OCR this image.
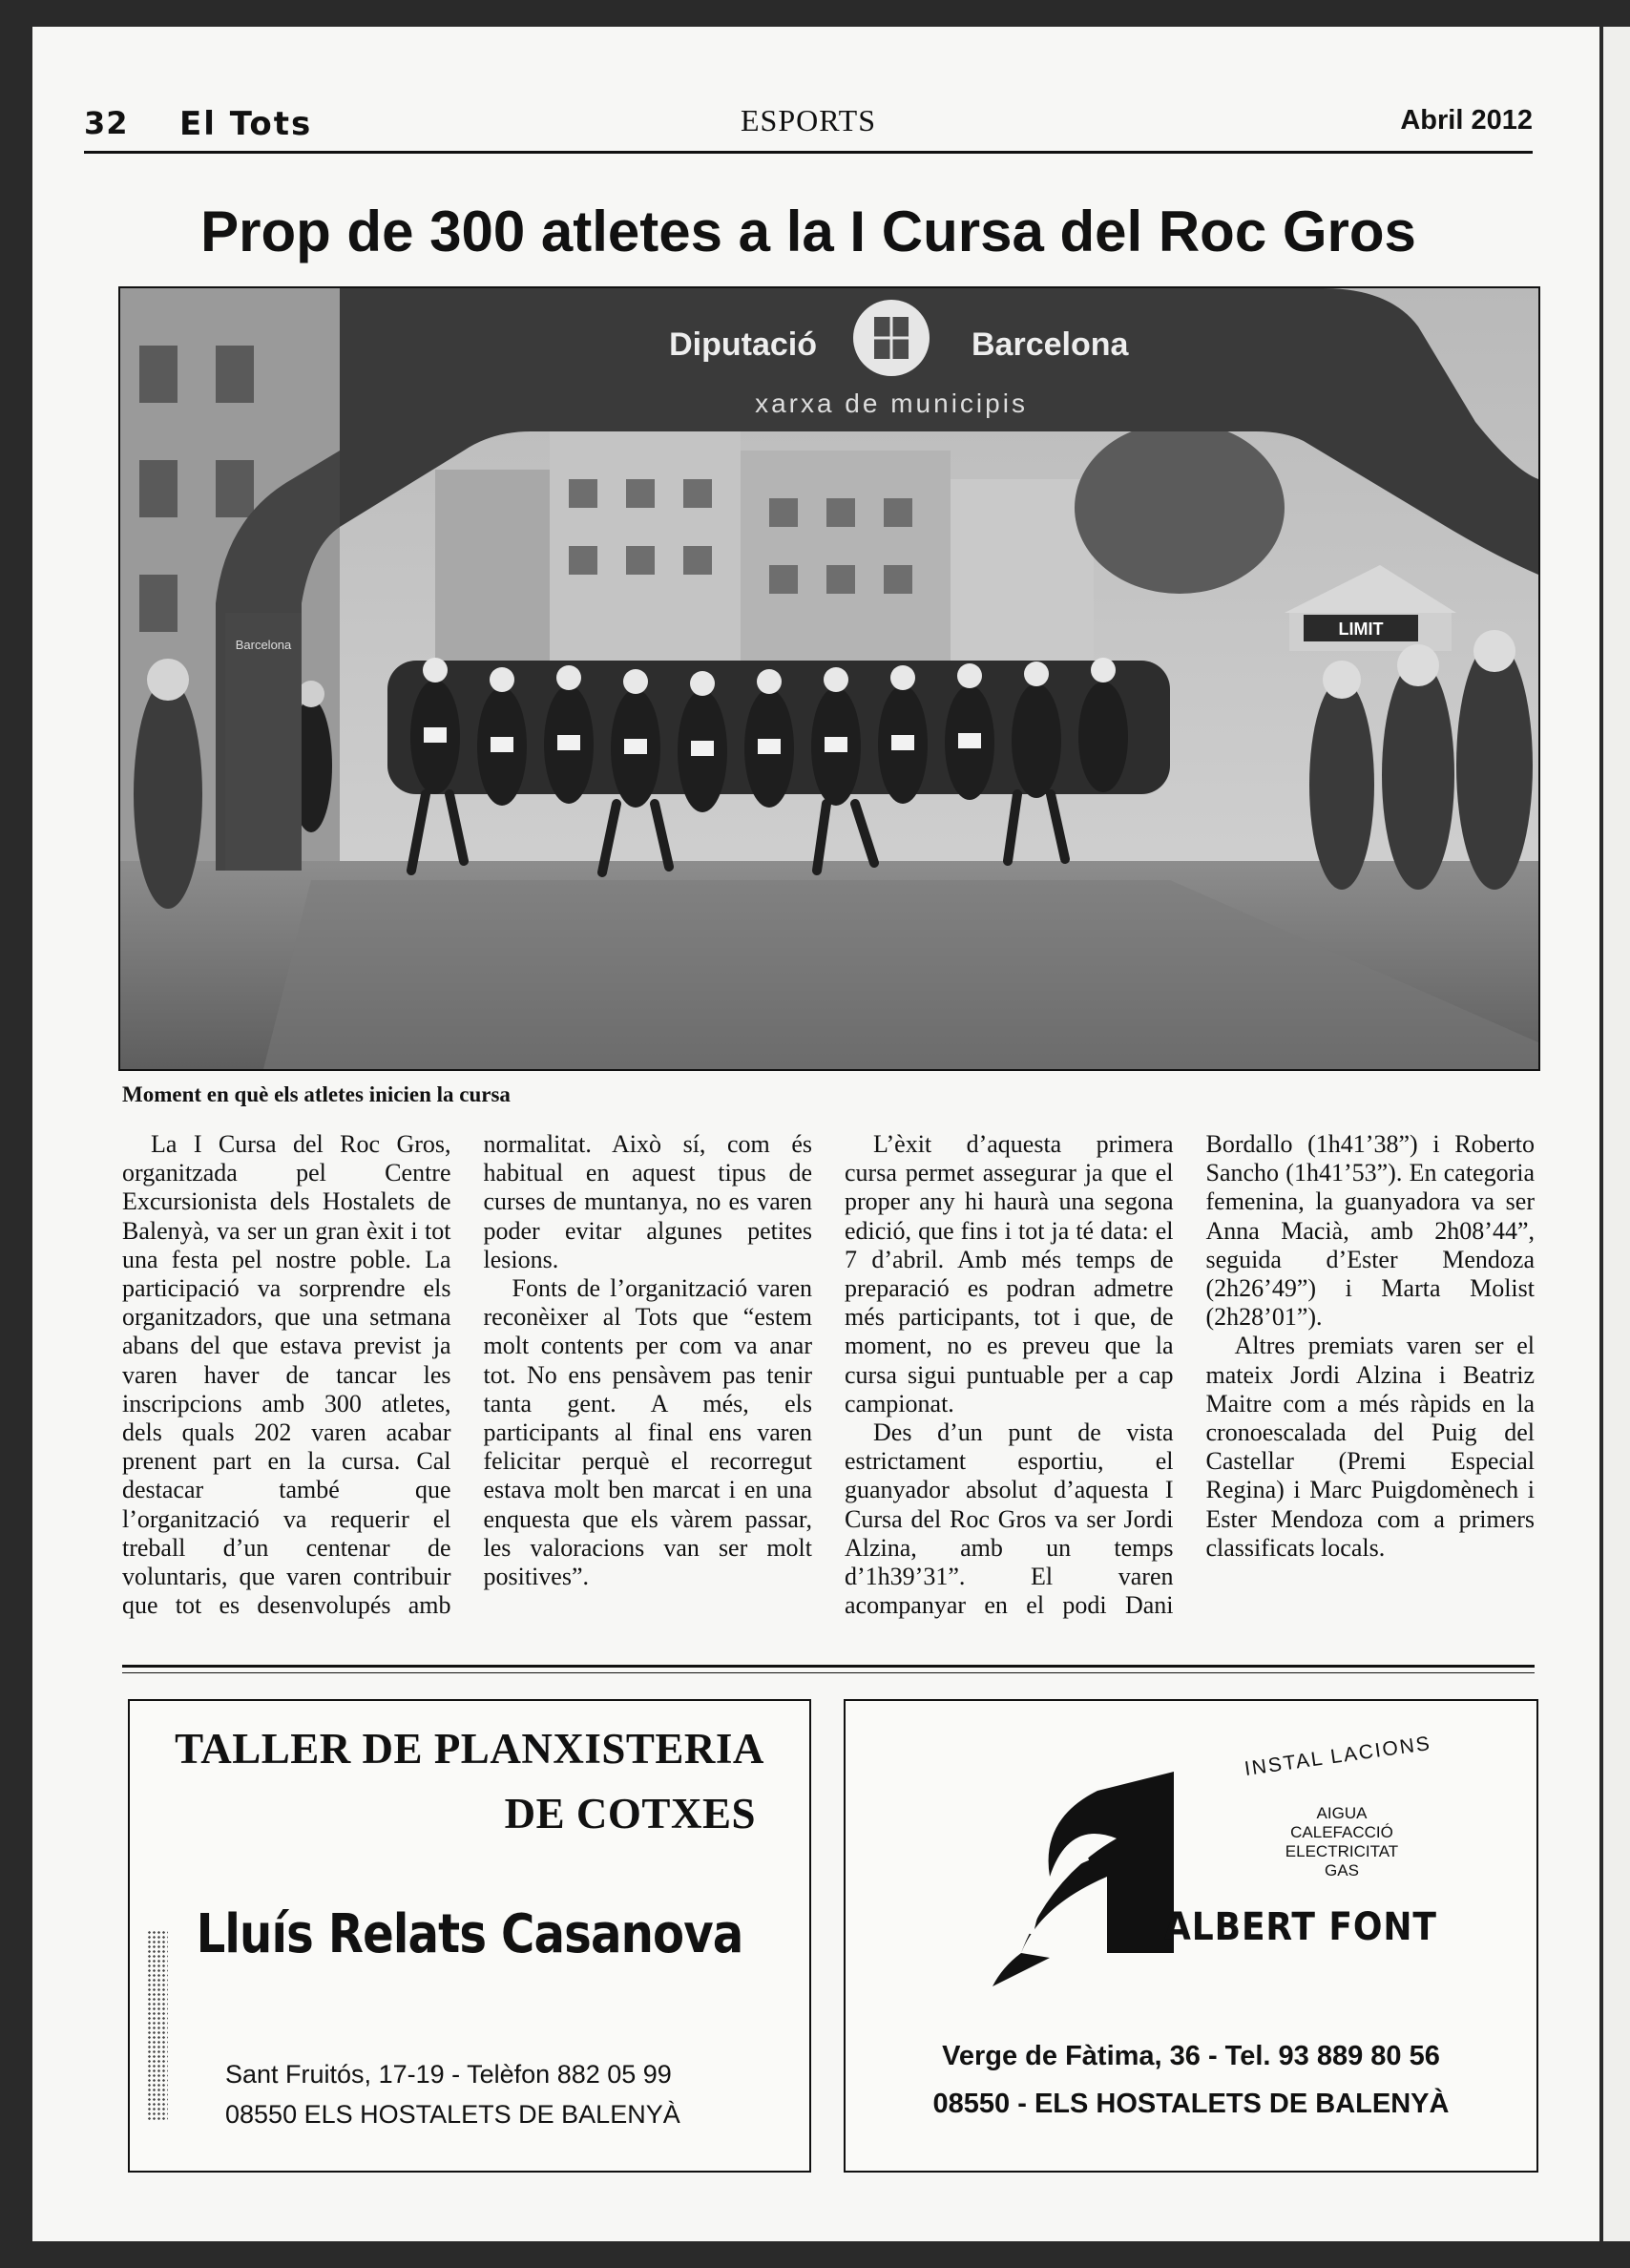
32 El Tots	ESPORTS	Abril 2012
Prop de 300 atletes a la I Cursa del Roc Gros
LIMIT
Barcelona
Diputació	Barcelona
xarxa de municipis
Moment en què els atletes inicien la cursa

La I Cursa del Roc Gros, organitzada pel Centre Excursionista dels Hostalets de Balenyà, va ser un gran èxit i tot una festa pel nostre poble. La participació va sorprendre els organitzadors, que una setmana abans del que estava previst ja varen haver de tancar les inscripcions amb 300 atletes, dels quals 202 varen acabar prenent part en la cursa. Cal destacar també que l’organització va requerir el treball d’un centenar de voluntaris, que varen contribuir que tot es desenvolupés amb normalitat. Això sí, com és habitual en aquest tipus de curses de muntanya, no es varen poder evitar algunes petites lesions.

Fonts de l’organització varen reconèixer al Tots que “estem molt contents per com va anar tot. No ens pensàvem pas tenir tanta gent. A més, els participants al final ens varen felicitar perquè el recorregut estava molt ben marcat i en una enquesta que els vàrem passar, les valoracions van ser molt positives”.

L’èxit d’aquesta primera cursa permet assegurar ja que el proper any hi haurà una segona edició, que fins i tot ja té data: el 7 d’abril. Amb més temps de preparació es podran admetre més participants, tot i que, de moment, no es preveu que la cursa sigui puntuable per a cap campionat.

Des d’un punt de vista estrictament esportiu, el guanyador absolut d’aquesta I Cursa del Roc Gros va ser Jordi Alzina, amb un temps d’1h39’31”. El varen acompanyar en el podi Dani Bordallo (1h41’38”) i Roberto Sancho (1h41’53”). En categoria femenina, la guanyadora va ser Anna Macià, amb 2h08’44”, seguida d’Ester Mendoza (2h26’49”) i Marta Molist (2h28’01”).

Altres premiats varen ser el mateix Jordi Alzina i Beatriz Maitre com a més ràpids en la cronoescalada del Puig del Castellar (Premi Especial Regina) i Marc Puigdomènech i Ester Mendoza com a primers classificats locals.

TALLER DE PLANXISTERIA
DE COTXES
Lluís Relats Casanova
Sant Fruitós, 17-19 - Telèfon 882 05 99
08550 ELS HOSTALETS DE BALENYÀ
INSTAL LACIONS
AIGUA
CALEFACCIÓ
ELECTRICITAT
GAS
ALBERT FONT
Verge de Fàtima, 36 - Tel. 93 889 80 56
08550 - ELS HOSTALETS DE BALENYÀ
